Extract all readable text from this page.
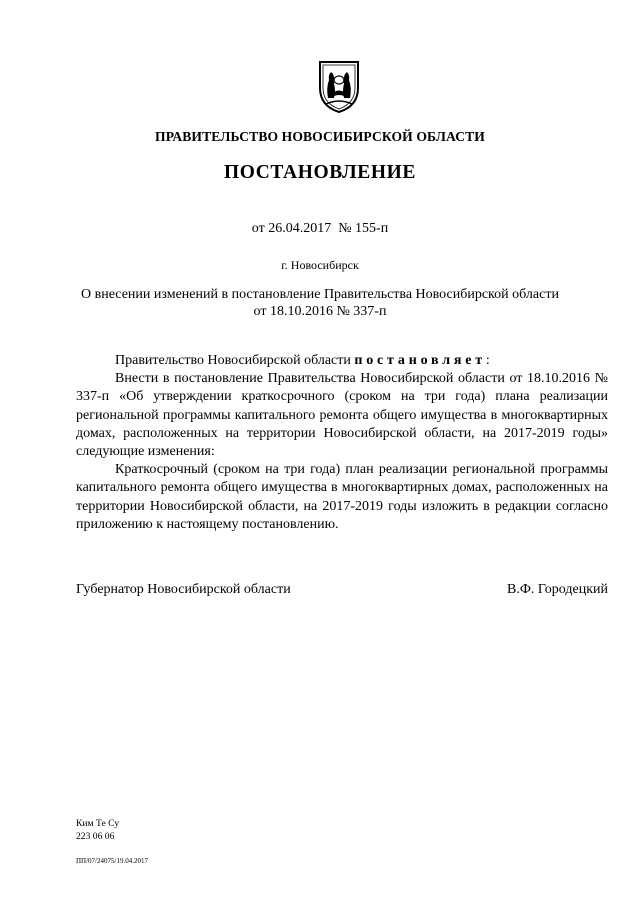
ПРАВИТЕЛЬСТВО НОВОСИБИРСКОЙ ОБЛАСТИ
ПОСТАНОВЛЕНИЕ
от 26.04.2017 № 155-п
г. Новосибирск
О внесении изменений в постановление Правительства Новосибирской области
от 18.10.2016 № 337-п

Правительство Новосибирской области постановляет:

Внести в постановление Правительства Новосибирской области от 18.10.2016 № 337-п «Об утверждении краткосрочного (сроком на три года) плана реализации региональной программы капитального ремонта общего имущества в многоквартирных домах, расположенных на территории Новосибирской области, на 2017-2019 годы» следующие изменения:

Краткосрочный (сроком на три года) план реализации региональной программы капитального ремонта общего имущества в многоквартирных домах, расположенных на территории Новосибирской области, на 2017-2019 годы изложить в редакции согласно приложению к настоящему постановлению.

Губернатор Новосибирской области	В.Ф. Городецкий
Ким Те Су
223 06 06
ПП/07/24075/19.04.2017
